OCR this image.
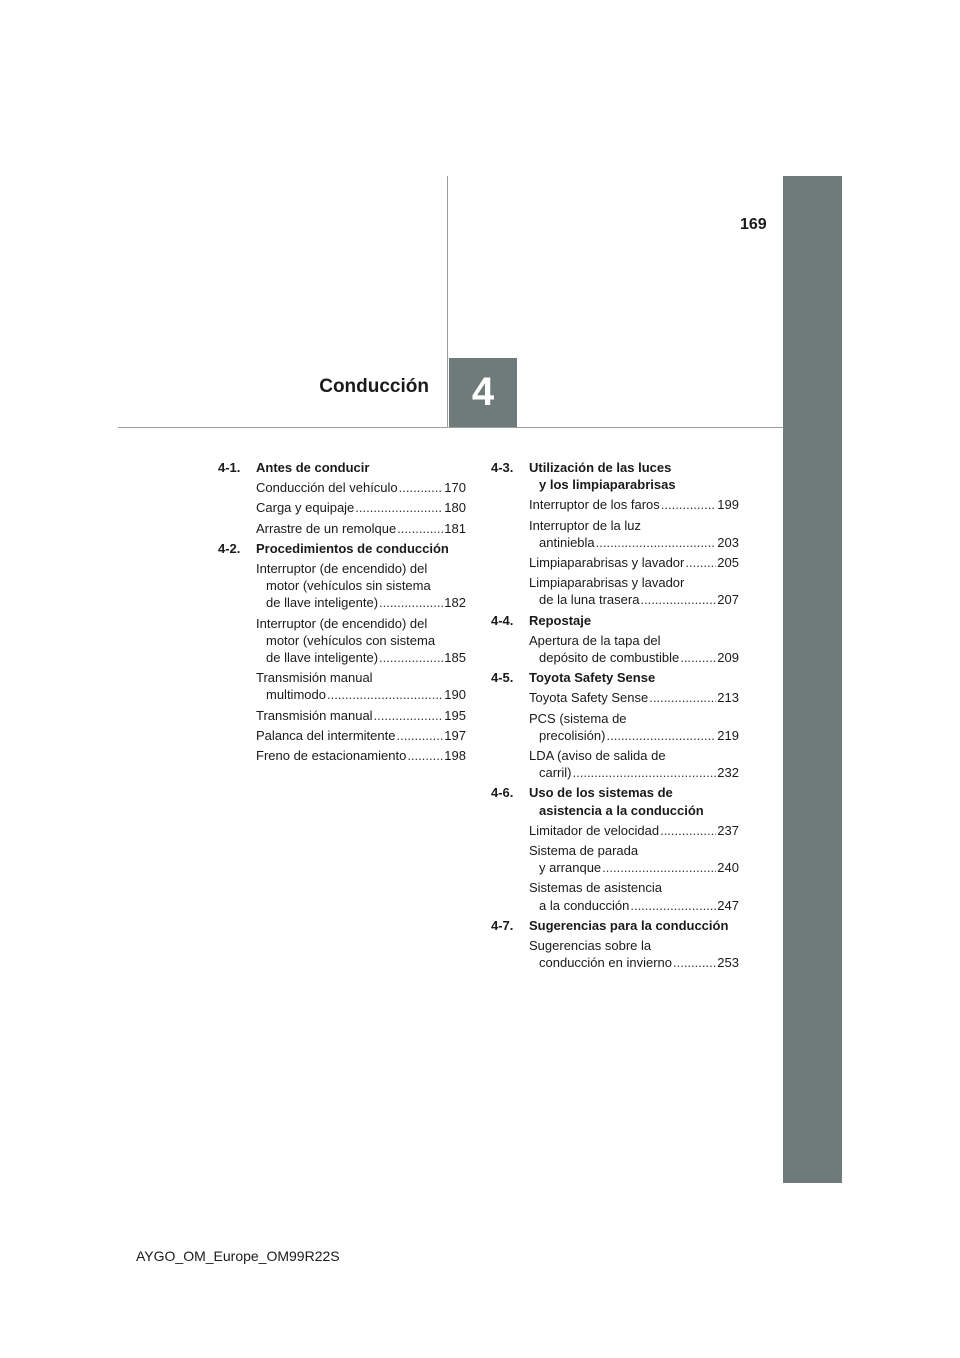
4
Conducción
169
4-1.	Antes de conducir
Conducción del vehículo .....	170
Carga y equipaje .....	180
Arrastre de un remolque .....	181
4-2.	Procedimientos de conducción
Interruptor (de encendido) del
motor (vehículos sin sistema
de llave inteligente) .....	182
Interruptor (de encendido) del
motor (vehículos con sistema
de llave inteligente) .....	185
Transmisión manual
multimodo .....	190
Transmisión manual .....	195
Palanca del intermitente .....	197
Freno de estacionamiento .....	198
4-3.	Utilización de las luces
y los limpiaparabrisas
Interruptor de los faros .....	199
Interruptor de la luz
antiniebla .....	203
Limpiaparabrisas y lavador .....	205
Limpiaparabrisas y lavador
de la luna trasera .....	207
4-4.	Repostaje
Apertura de la tapa del
depósito de combustible .....	209
4-5.	Toyota Safety Sense
Toyota Safety Sense .....	213
PCS (sistema de
precolisión) .....	219
LDA (aviso de salida de
carril) .....	232
4-6.	Uso de los sistemas de
asistencia a la conducción
Limitador de velocidad .....	237
Sistema de parada
y arranque .....	240
Sistemas de asistencia
a la conducción .....	247
4-7.	Sugerencias para la conducción
Sugerencias sobre la
conducción en invierno .....	253
AYGO_OM_Europe_OM99R22S
